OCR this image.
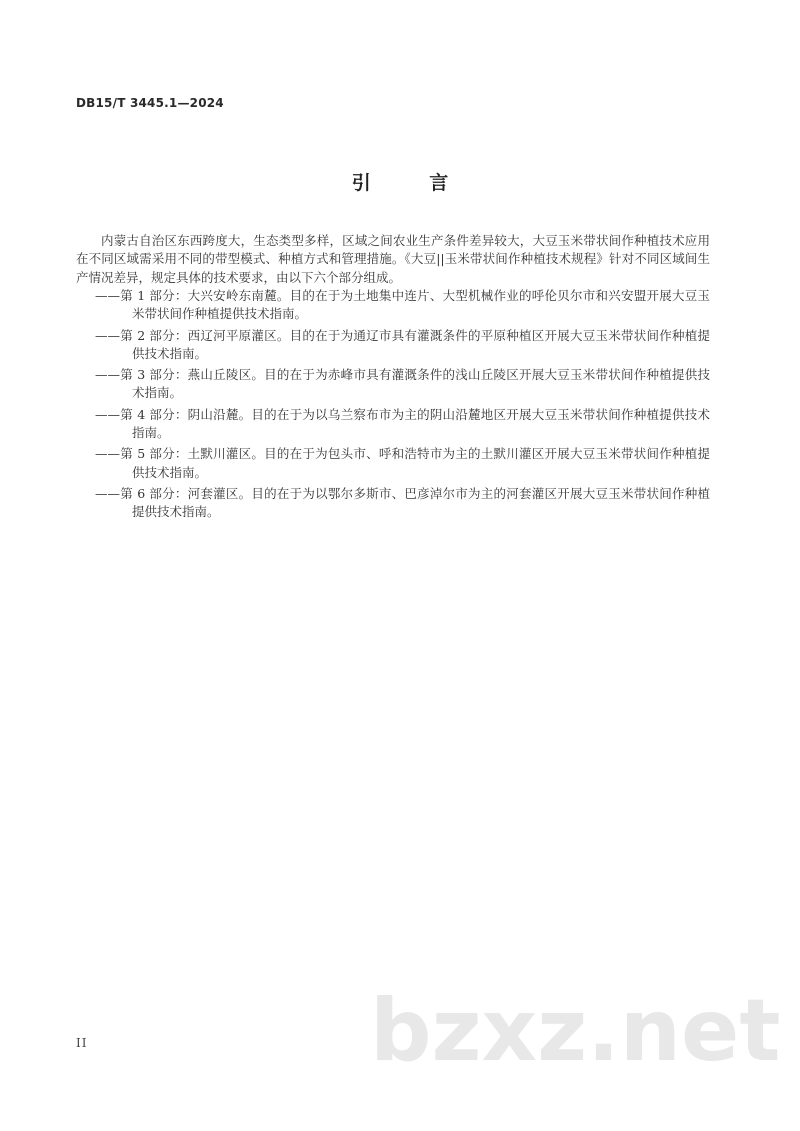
DB15/T 3445.1—2024
引 言

内蒙古自治区东西跨度大，生态类型多样，区域之间农业生产条件差异较大，大豆玉米带状间作种植技术应用在不同区域需采用不同的带型模式、种植方式和管理措施。《大豆||玉米带状间作种植技术规程》针对不同区域间生产情况差异，规定具体的技术要求，由以下六个部分组成。

——第 1 部分：大兴安岭东南麓。目的在于为土地集中连片、大型机械作业的呼伦贝尔市和兴安盟开展大豆玉米带状间作种植提供技术指南。
——第 2 部分：西辽河平原灌区。目的在于为通辽市具有灌溉条件的平原种植区开展大豆玉米带状间作种植提供技术指南。
——第 3 部分：燕山丘陵区。目的在于为赤峰市具有灌溉条件的浅山丘陵区开展大豆玉米带状间作种植提供技术指南。
——第 4 部分：阴山沿麓。目的在于为以乌兰察布市为主的阴山沿麓地区开展大豆玉米带状间作种植提供技术指南。
——第 5 部分：土默川灌区。目的在于为包头市、呼和浩特市为主的土默川灌区开展大豆玉米带状间作种植提供技术指南。
——第 6 部分：河套灌区。目的在于为以鄂尔多斯市、巴彦淖尔市为主的河套灌区开展大豆玉米带状间作种植提供技术指南。
bzxz.net
II
